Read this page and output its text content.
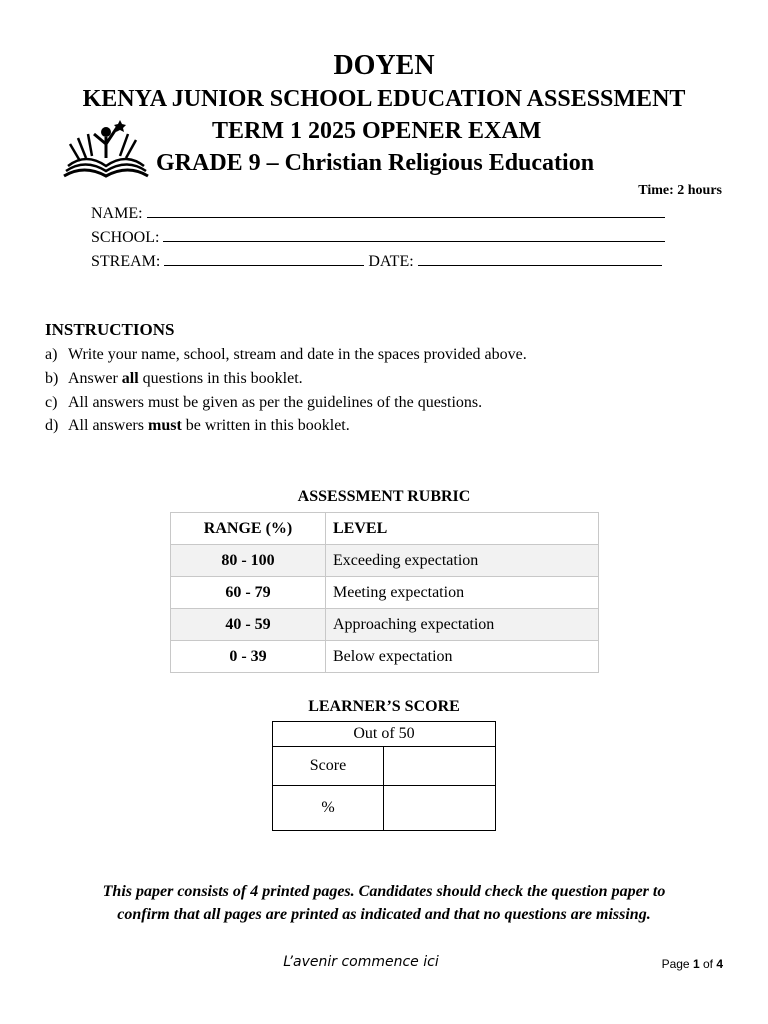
DOYEN
KENYA JUNIOR SCHOOL EDUCATION ASSESSMENT
TERM 1 2025 OPENER EXAM
GRADE 9 – Christian Religious Education
Time: 2 hours
NAME:
SCHOOL:
STREAM:	DATE:
INSTRUCTIONS
a) Write your name, school, stream and date in the spaces provided above.
b) Answer all questions in this booklet.
c) All answers must be given as per the guidelines of the questions.
d) All answers must be written in this booklet.
ASSESSMENT RUBRIC
RANGE (%)	LEVEL
80 - 100	Exceeding expectation
60 - 79	Meeting expectation
40 - 59	Approaching expectation
0 - 39	Below expectation
LEARNER’S SCORE
Out of 50	
Score	
%	
This paper consists of 4 printed pages. Candidates should check the question paper to
confirm that all pages are printed as indicated and that no questions are missing.
L’avenir commence ici	Page 1 of 4
